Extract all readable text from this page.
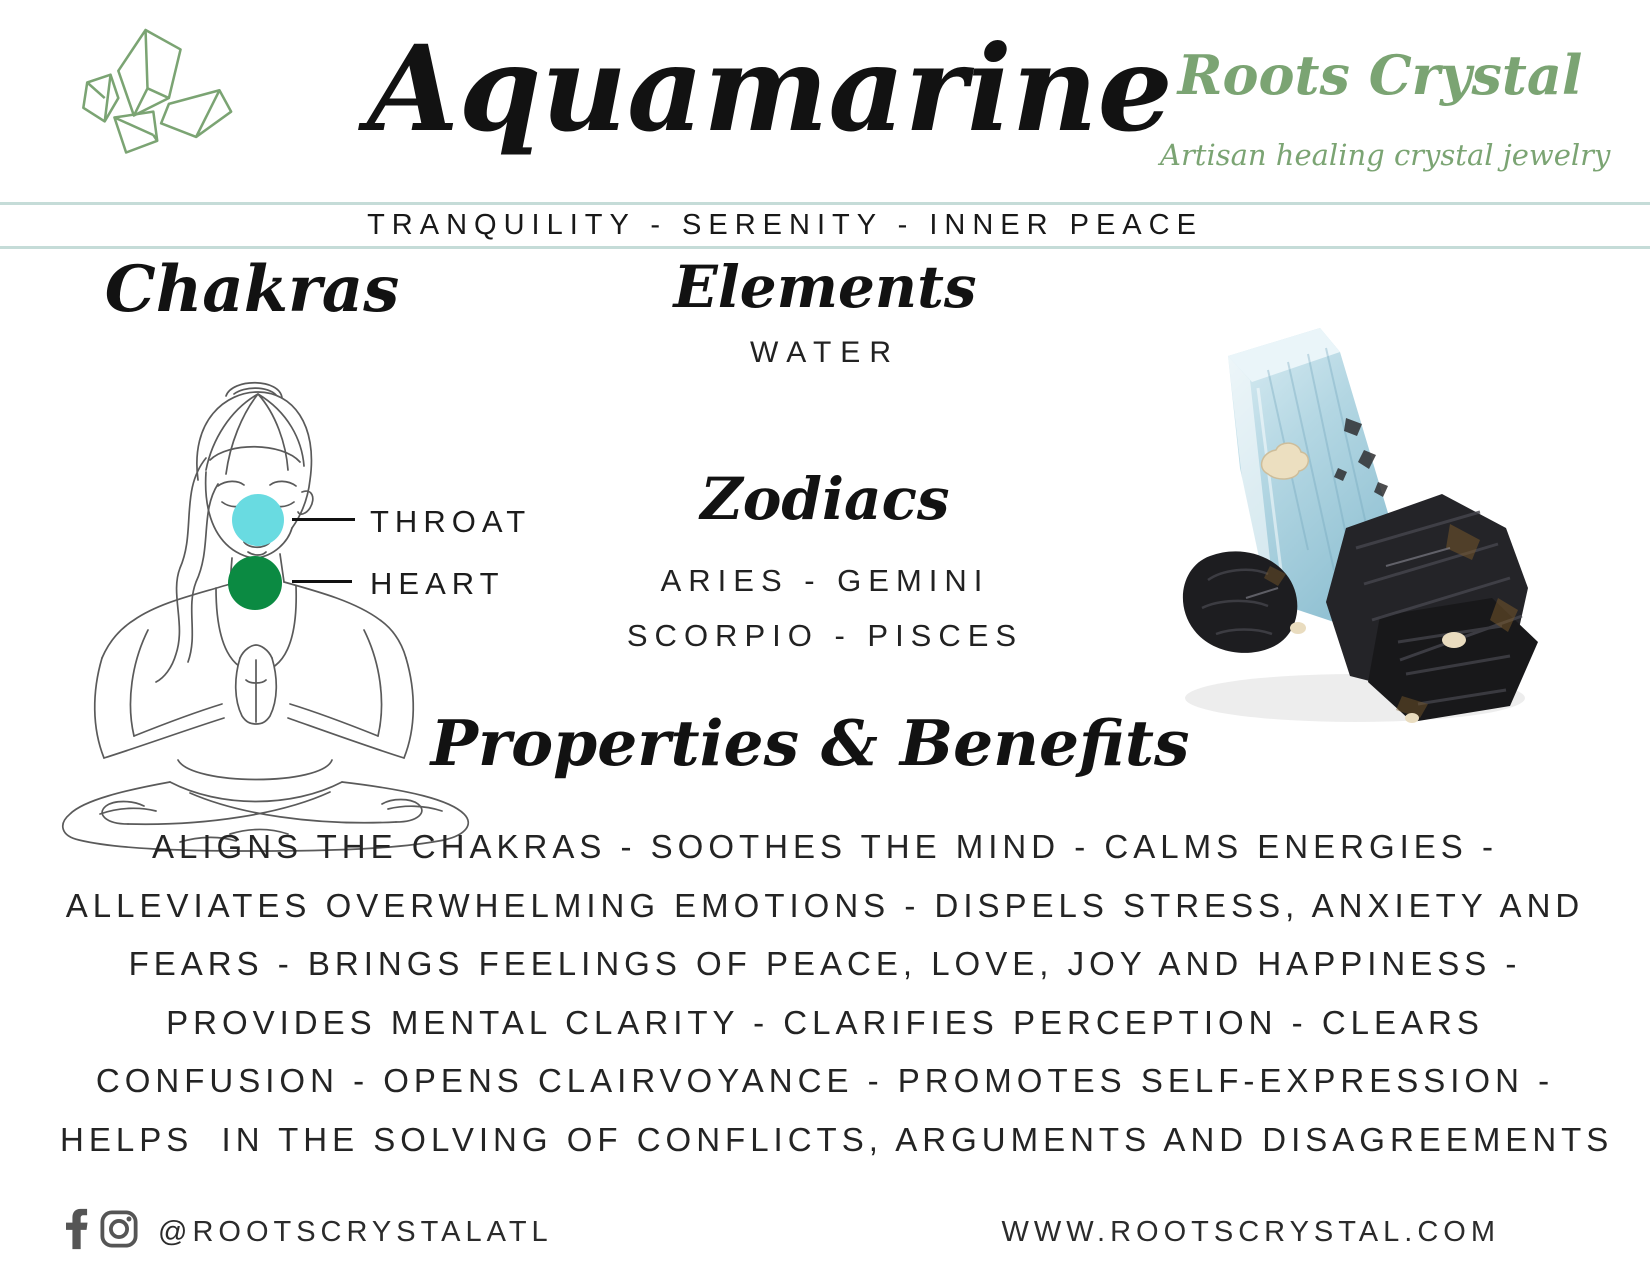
Aquamarine Roots Crystal
Artisan healing crystal jewelry
TRANQUILITY - SERENITY - INNER PEACE
Chakras
THROAT
HEART
Elements
WATER
Zodiacs
ARIES - GEMINI
SCORPIO - PISCES
Properties & Benefits
ALIGNS THE CHAKRAS - SOOTHES THE MIND - CALMS ENERGIES -
ALLEVIATES OVERWHELMING EMOTIONS - DISPELS STRESS, ANXIETY AND
FEARS - BRINGS FEELINGS OF PEACE, LOVE, JOY AND HAPPINESS -
PROVIDES MENTAL CLARITY - CLARIFIES PERCEPTION - CLEARS
CONFUSION - OPENS CLAIRVOYANCE - PROMOTES SELF-EXPRESSION -
HELPS  IN THE SOLVING OF CONFLICTS, ARGUMENTS AND DISAGREEMENTS
@ROOTSCRYSTALATL	WWW.ROOTSCRYSTAL.COM
